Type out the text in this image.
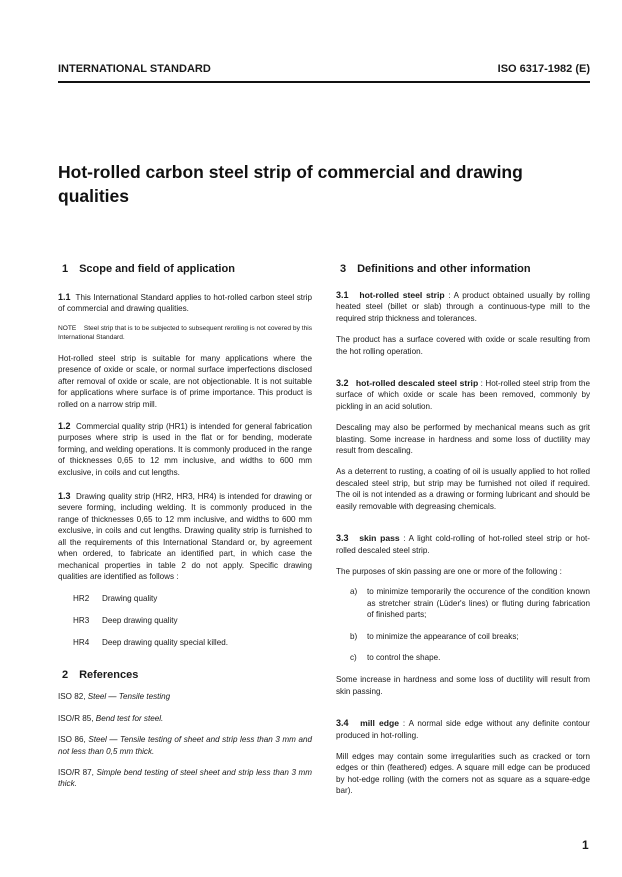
INTERNATIONAL STANDARD	ISO 6317-1982 (E)
Hot-rolled carbon steel strip of commercial and drawing qualities
1 Scope and field of application

1.1 This International Standard applies to hot-rolled carbon steel strip of commercial and drawing qualities.

NOTE Steel strip that is to be subjected to subsequent rerolling is not covered by this International Standard.

Hot-rolled steel strip is suitable for many applications where the presence of oxide or scale, or normal surface imperfections disclosed after removal of oxide or scale, are not objectionable. It is not suitable for applications where surface is of prime importance. This product is rolled on a narrow strip mill.

1.2 Commercial quality strip (HR1) is intended for general fabrication purposes where strip is used in the flat or for bending, moderate forming, and welding operations. It is commonly produced in the range of thicknesses 0,65 to 12 mm inclusive, and widths to 600 mm exclusive, in coils and cut lengths.

1.3 Drawing quality strip (HR2, HR3, HR4) is intended for drawing or severe forming, including welding. It is commonly produced in the range of thicknesses 0,65 to 12 mm inclusive, and widths to 600 mm exclusive, in coils and cut lengths. Drawing quality strip is furnished to all the requirements of this International Standard or, by agreement when ordered, to fabricate an identified part, in which case the mechanical properties in table 2 do not apply. Specific drawing qualities are identified as follows :

HR2 Drawing quality
HR3 Deep drawing quality
HR4 Deep drawing quality special killed.
2 References

ISO 82, Steel — Tensile testing

ISO/R 85, Bend test for steel.

ISO 86, Steel — Tensile testing of sheet and strip less than 3 mm and not less than 0,5 mm thick.

ISO/R 87, Simple bend testing of steel sheet and strip less than 3 mm thick.

3 Definitions and other information

3.1 hot-rolled steel strip : A product obtained usually by rolling heated steel (billet or slab) through a continuous-type mill to the required strip thickness and tolerances.

The product has a surface covered with oxide or scale resulting from the hot rolling operation.

3.2 hot-rolled descaled steel strip : Hot-rolled steel strip from the surface of which oxide or scale has been removed, commonly by pickling in an acid solution.

Descaling may also be performed by mechanical means such as grit blasting. Some increase in hardness and some loss of ductility may result from descaling.

As a deterrent to rusting, a coating of oil is usually applied to hot rolled descaled steel strip, but strip may be furnished not oiled if required. The oil is not intended as a drawing or forming lubricant and should be easily removable with degreasing chemicals.

3.3 skin pass : A light cold-rolling of hot-rolled steel strip or hot-rolled descaled steel strip.

The purposes of skin passing are one or more of the following :

a) to minimize temporarily the occurence of the condition known as stretcher strain (Lüder's lines) or fluting during fabrication of finished parts;
b) to minimize the appearance of coil breaks;
c) to control the shape.

Some increase in hardness and some loss of ductility will result from skin passing.

3.4 mill edge : A normal side edge without any definite contour produced in hot-rolling.

Mill edges may contain some irregularities such as cracked or torn edges or thin (feathered) edges. A square mill edge can be produced by hot-edge rolling (with the corners not as square as a square-edge bar).

1
